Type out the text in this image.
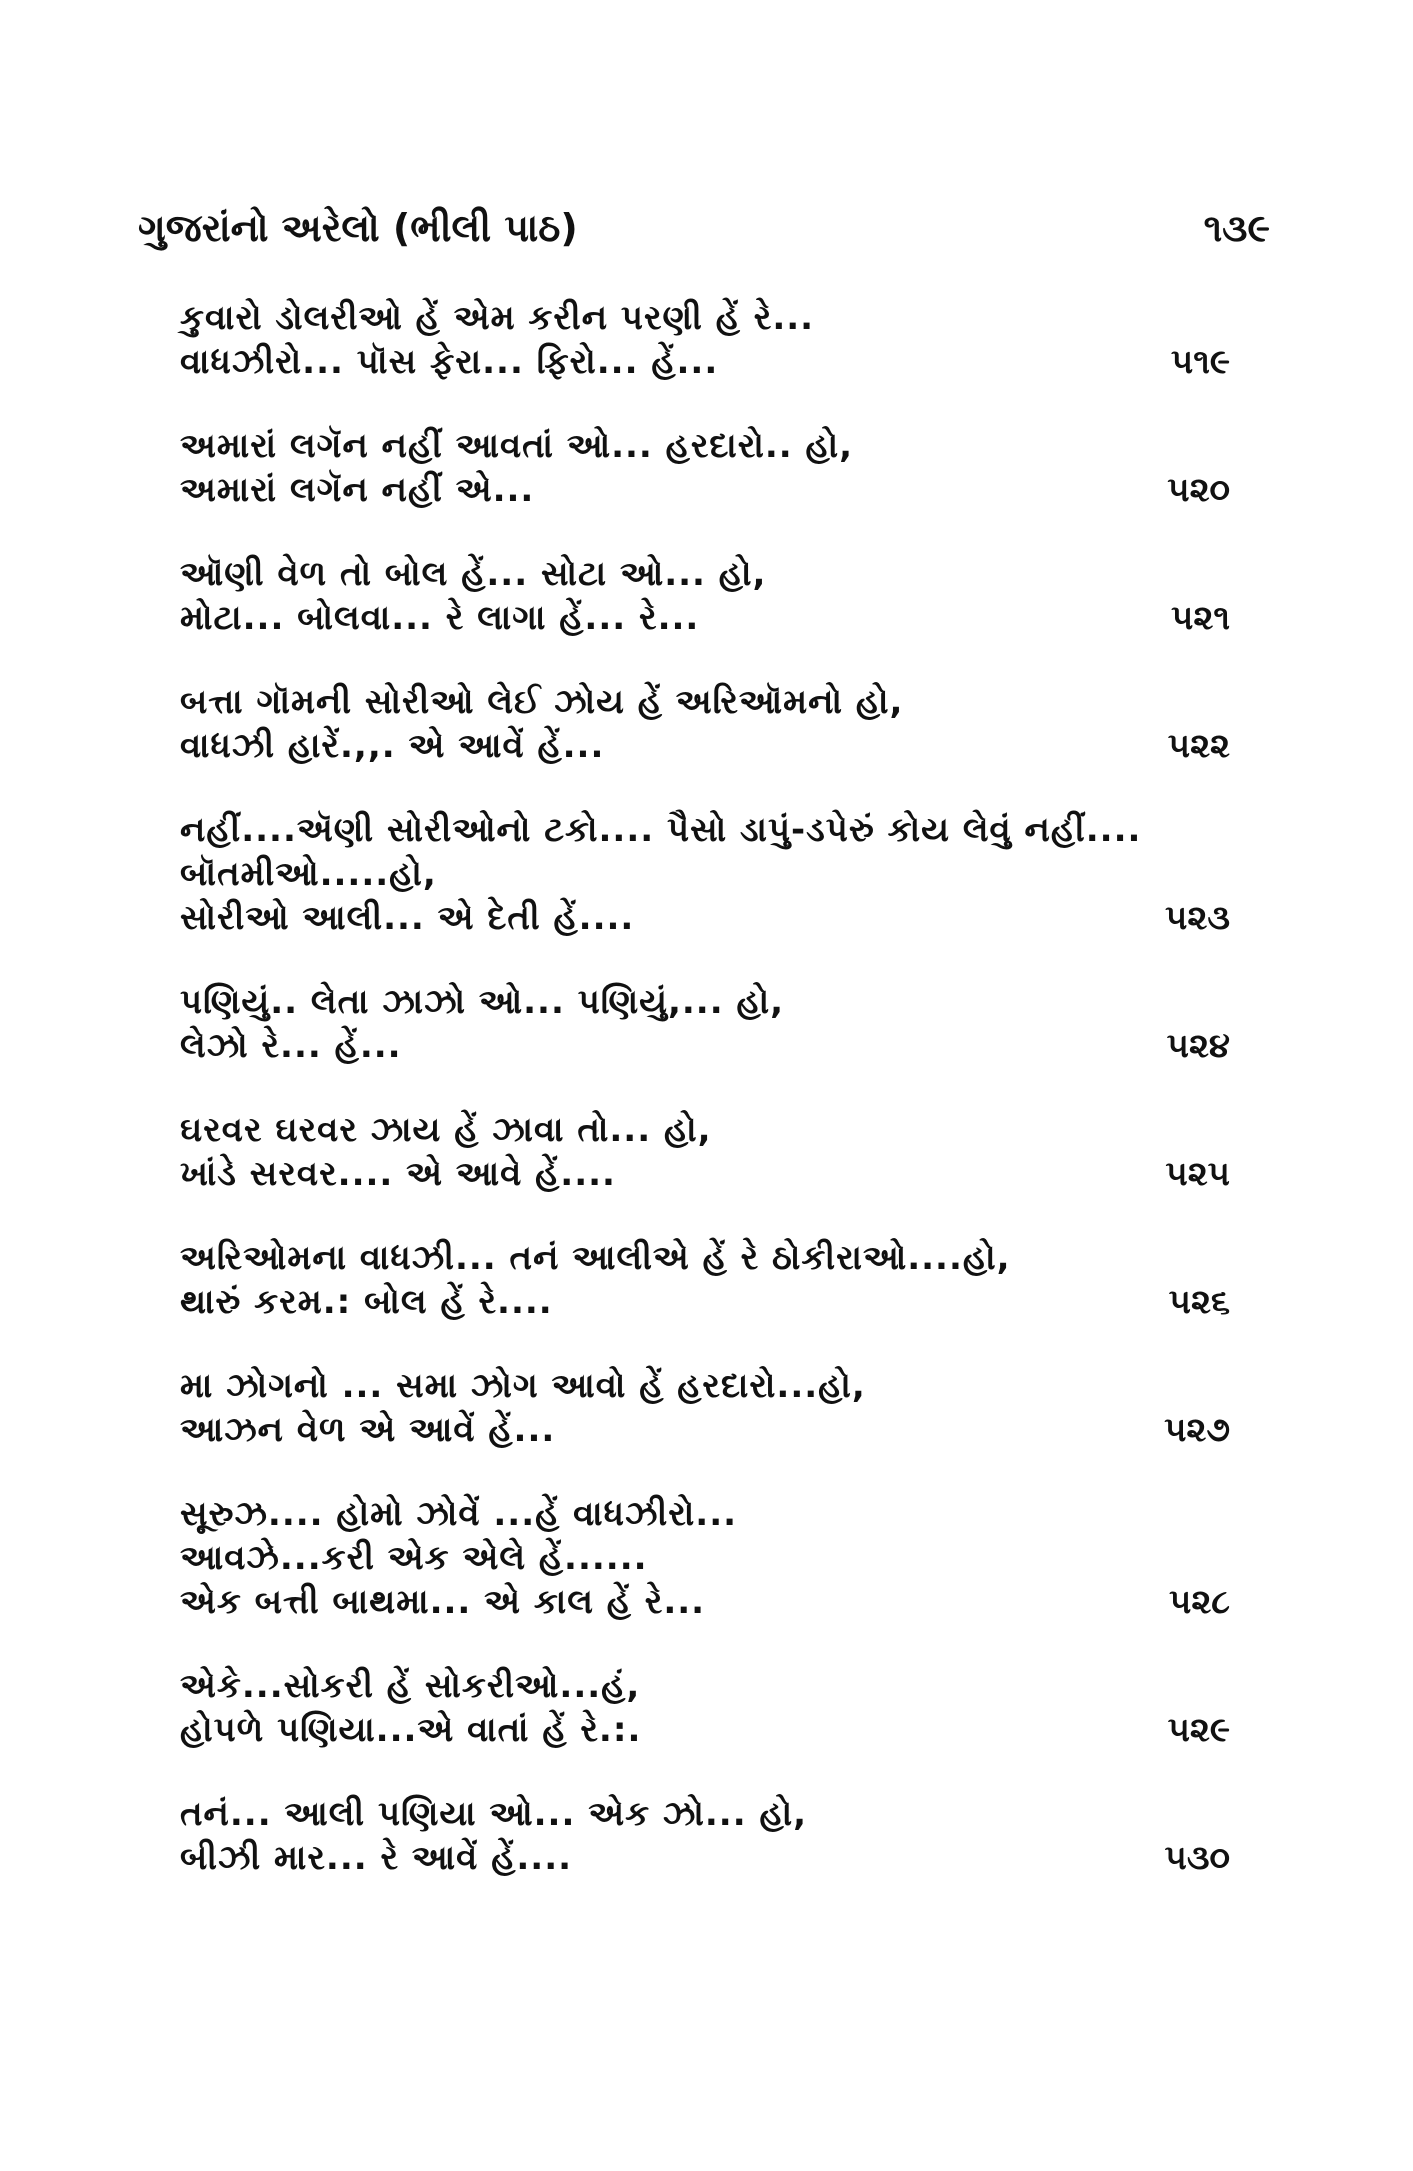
ગુજરાંનો અરેલો (ભીલી પાઠ)	૧૩૯
કુવારો ડોલરીઓ હેં એમ કરીન પરણી હેં રે...
વાધઝીરો... પૉસ ફેરા... ફિરો... હેં...	૫૧૯
અમારાં લગૅન નહીં આવતાં ઓ... હરદારો.. હો,
અમારાં લગૅન નહીં એ...	૫૨૦
ઑણી વેળ તો બોલ હેં... સોટા ઓ... હો,
મોટા... બોલવા... રે લાગા હેં... રે...	૫૨૧
બત્તા ગૉમની સોરીઓ લેઈ ઝોય હેં અરિઑમનો હો,
વાધઝી હારેં.,,. એ આવેં હેં...	૫૨૨
નહીં....ઍણી સોરીઓનો ટકો.... પૈસો ડાપું-ડપેરું કોય લેવું નહીં....
બૉતમીઓ.....હો,
સોરીઓ આલી... એ દેતી હેં....	૫૨૩
પણિયું.. લેતા ઝાઝો ઓ... પણિયું,... હો,
લેઝો રે... હેં...	૫૨૪
ઘરવર ઘરવર ઝાય હેં ઝાવા તો... હો,
ખાંડે સરવર.... એ આવે હેં....	૫૨૫
અરિઓમના વાધઝી... તનં આલીએ હેં રે ઠોકીરાઓ....હો,
થારું કરમ.: બોલ હેં રે....	૫૨૬
મા ઝોગનો ... સમા ઝોગ આવો હેં હરદારો...હો,
આઝન વેળ એ આવેં હેં...	૫૨૭
સૂરુઝ.... હોમો ઝોવેં ...હેં વાધઝીરો...
આવઝે...કરી એક એલે હેં......
એક બત્તી બાથમા... એ કાલ હેં રે...	૫૨૮
એકે...સોકરી હેં સોકરીઓ...હં,
હોપળે પણિયા...એ વાતાં હેં રે.:.	૫૨૯
તનં... આલી પણિયા ઓ... એક ઝો... હો,
બીઝી માર... રે આવેં હેં....	૫૩૦
